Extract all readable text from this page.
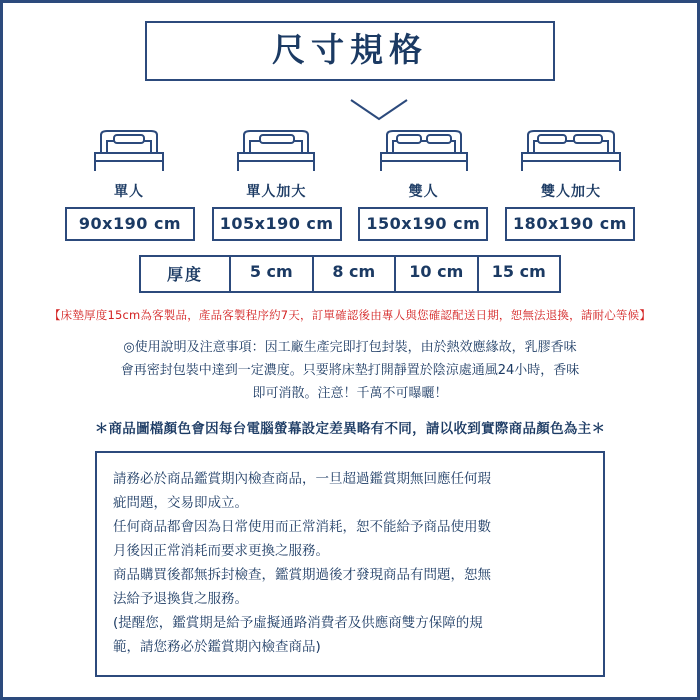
尺寸規格
單人	單人加大	雙人	雙人加大
90x190 cm	105x190 cm	150x190 cm	180x190 cm
厚度	5 cm	8 cm	10 cm	15 cm
【床墊厚度15cm為客製品，產品客製程序約7天，訂單確認後由專人與您確認配送日期，恕無法退換，請耐心等候】
◎使用說明及注意事項：因工廠生產完即打包封裝，由於熱效應緣故，乳膠香味
會再密封包裝中達到一定濃度。只要將床墊打開靜置於陰涼處通風24小時，香味
即可消散。注意！千萬不可曝曬！
＊商品圖檔顏色會因每台電腦螢幕設定差異略有不同，請以收到實際商品顏色為主＊

請務必於商品鑑賞期內檢查商品，一旦超過鑑賞期無回應任何瑕

疵問題，交易即成立。

任何商品都會因為日常使用而正常消耗，恕不能給予商品使用數

月後因正常消耗而要求更換之服務。

商品購買後都無拆封檢查，鑑賞期過後才發現商品有問題，恕無

法給予退換貨之服務。

(提醒您，鑑賞期是給予虛擬通路消費者及供應商雙方保障的規

範，請您務必於鑑賞期內檢查商品)
